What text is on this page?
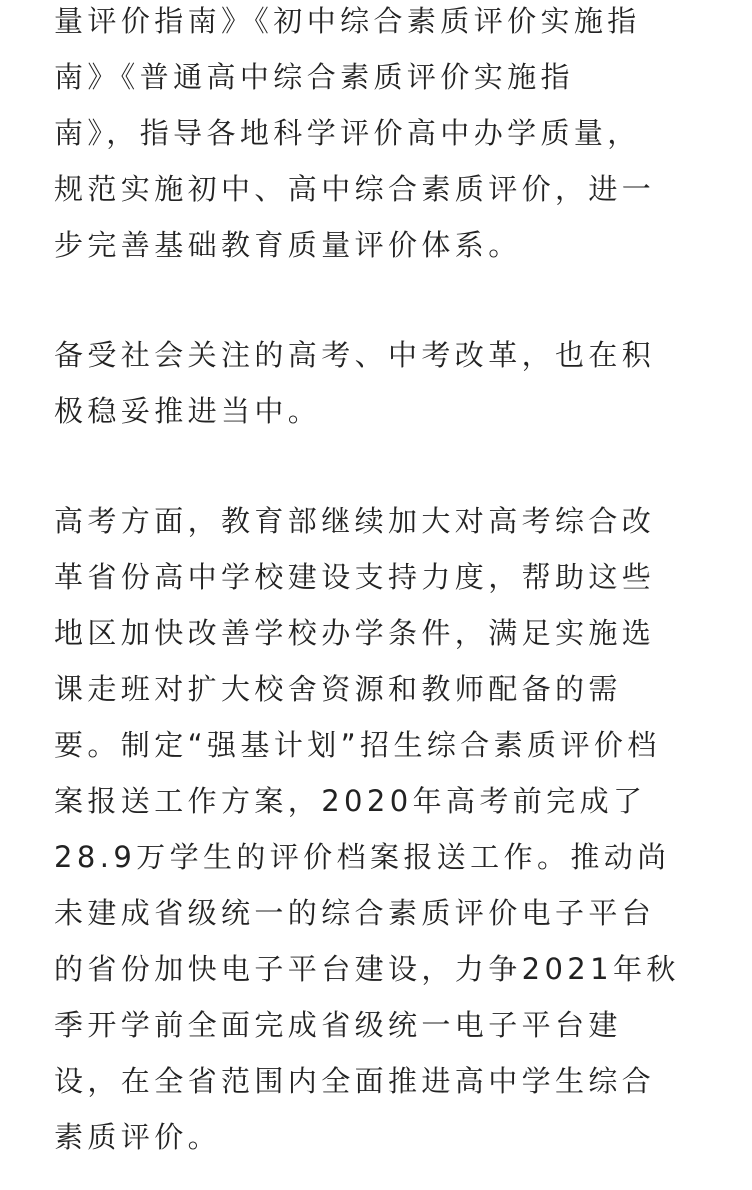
量评价指南》《初中综合素质评价实施指
南》《普通高中综合素质评价实施指
南》，指导各地科学评价高中办学质量，
规范实施初中、高中综合素质评价，进一
步完善基础教育质量评价体系。
备受社会关注的高考、中考改革，也在积
极稳妥推进当中。
高考方面，教育部继续加大对高考综合改
革省份高中学校建设支持力度，帮助这些
地区加快改善学校办学条件，满足实施选
课走班对扩大校舍资源和教师配备的需
要。制定“强基计划”招生综合素质评价档
案报送工作方案，2020年高考前完成了
28.9万学生的评价档案报送工作。推动尚
未建成省级统一的综合素质评价电子平台
的省份加快电子平台建设，力争2021年秋
季开学前全面完成省级统一电子平台建
设，在全省范围内全面推进高中学生综合
素质评价。
